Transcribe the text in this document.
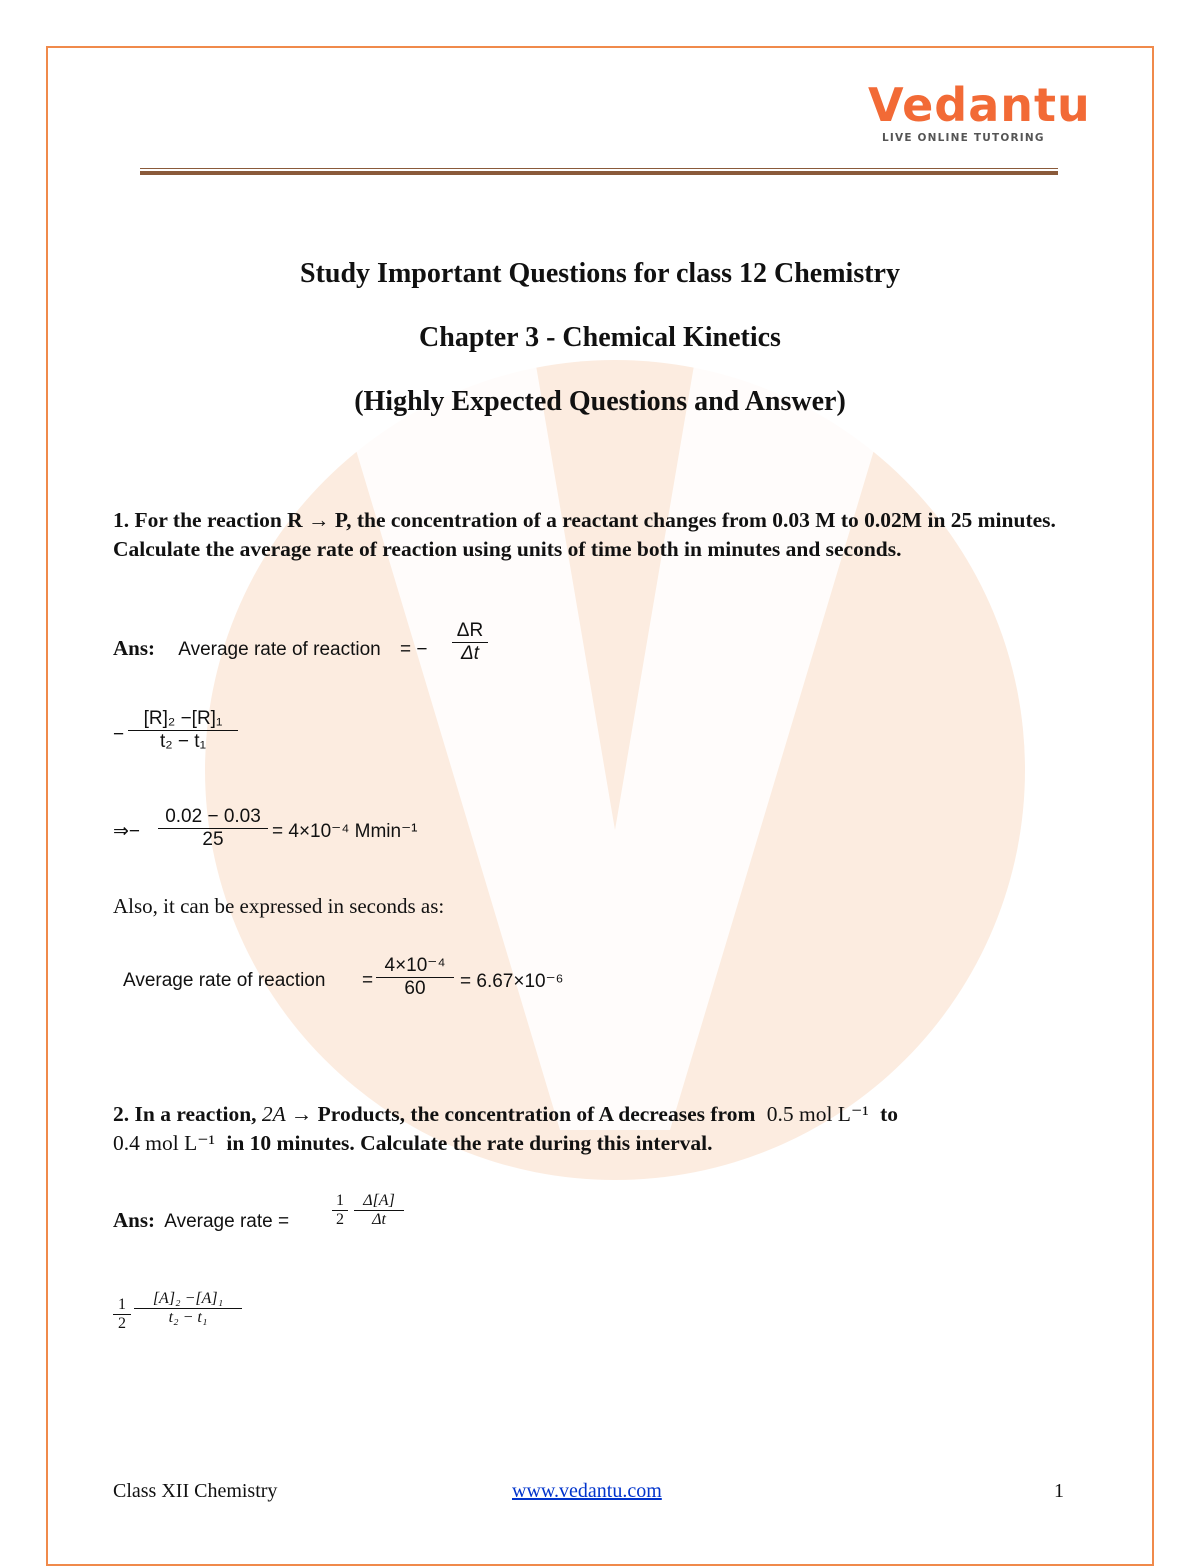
Vedantu
LIVE ONLINE TUTORING
Study Important Questions for class 12 Chemistry
Chapter 3 - Chemical Kinetics
(Highly Expected Questions and Answer)
1. For the reaction R → P, the concentration of a reactant changes from 0.03 M to 0.02M in 25 minutes. Calculate the average rate of reaction using units of time both in minutes and seconds.
Ans: Average rate of reaction = −
ΔR
Δt
−
[R]₂ −[R]₁
t₂ − t₁
⇒−
0.02 − 0.03
25	= 4×10⁻⁴ Mmin⁻¹
Also, it can be expressed in seconds as:
Average rate of reaction =
4×10⁻⁴
60	= 6.67×10⁻⁶
2. In a reaction, 2A → Products, the concentration of A decreases from 0.5 mol L⁻¹ to
0.4 mol L⁻¹ in 10 minutes. Calculate the rate during this interval.
Ans: Average rate =
1
2
Δ[A]
Δt
1
2
[A]₂ −[A]₁
t₂ − t₁
Class XII Chemistry	www.vedantu.com	1
